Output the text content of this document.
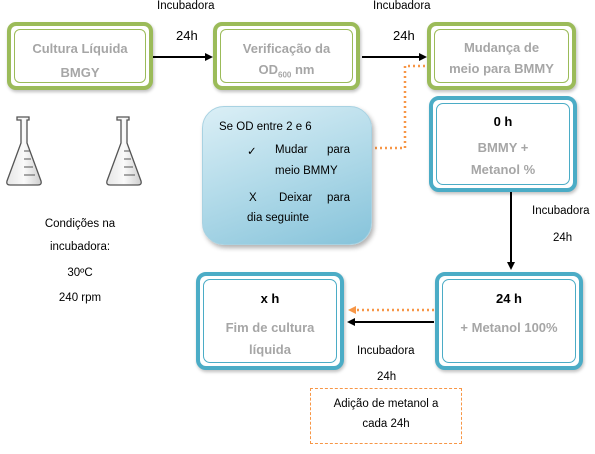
Cultura Líquida
BMGY
Incubadora
24h
Verificação da
$OD_{600}$ nm
Incubadora
24h
Mudança de
meio para BMMY
Condições na
incubadora:
30ºC
240 rpm
Se OD entre 2 e 6
✓ Mudar para
meio BMMY
X Deixar para
dia seguinte
0 h
BMMY +
Metanol %
Incubadora
24h
24 h
+ Metanol 100%
x h
Fim de cultura
líquida	Incubadora
24h
Adição de metanol a
cada 24h
